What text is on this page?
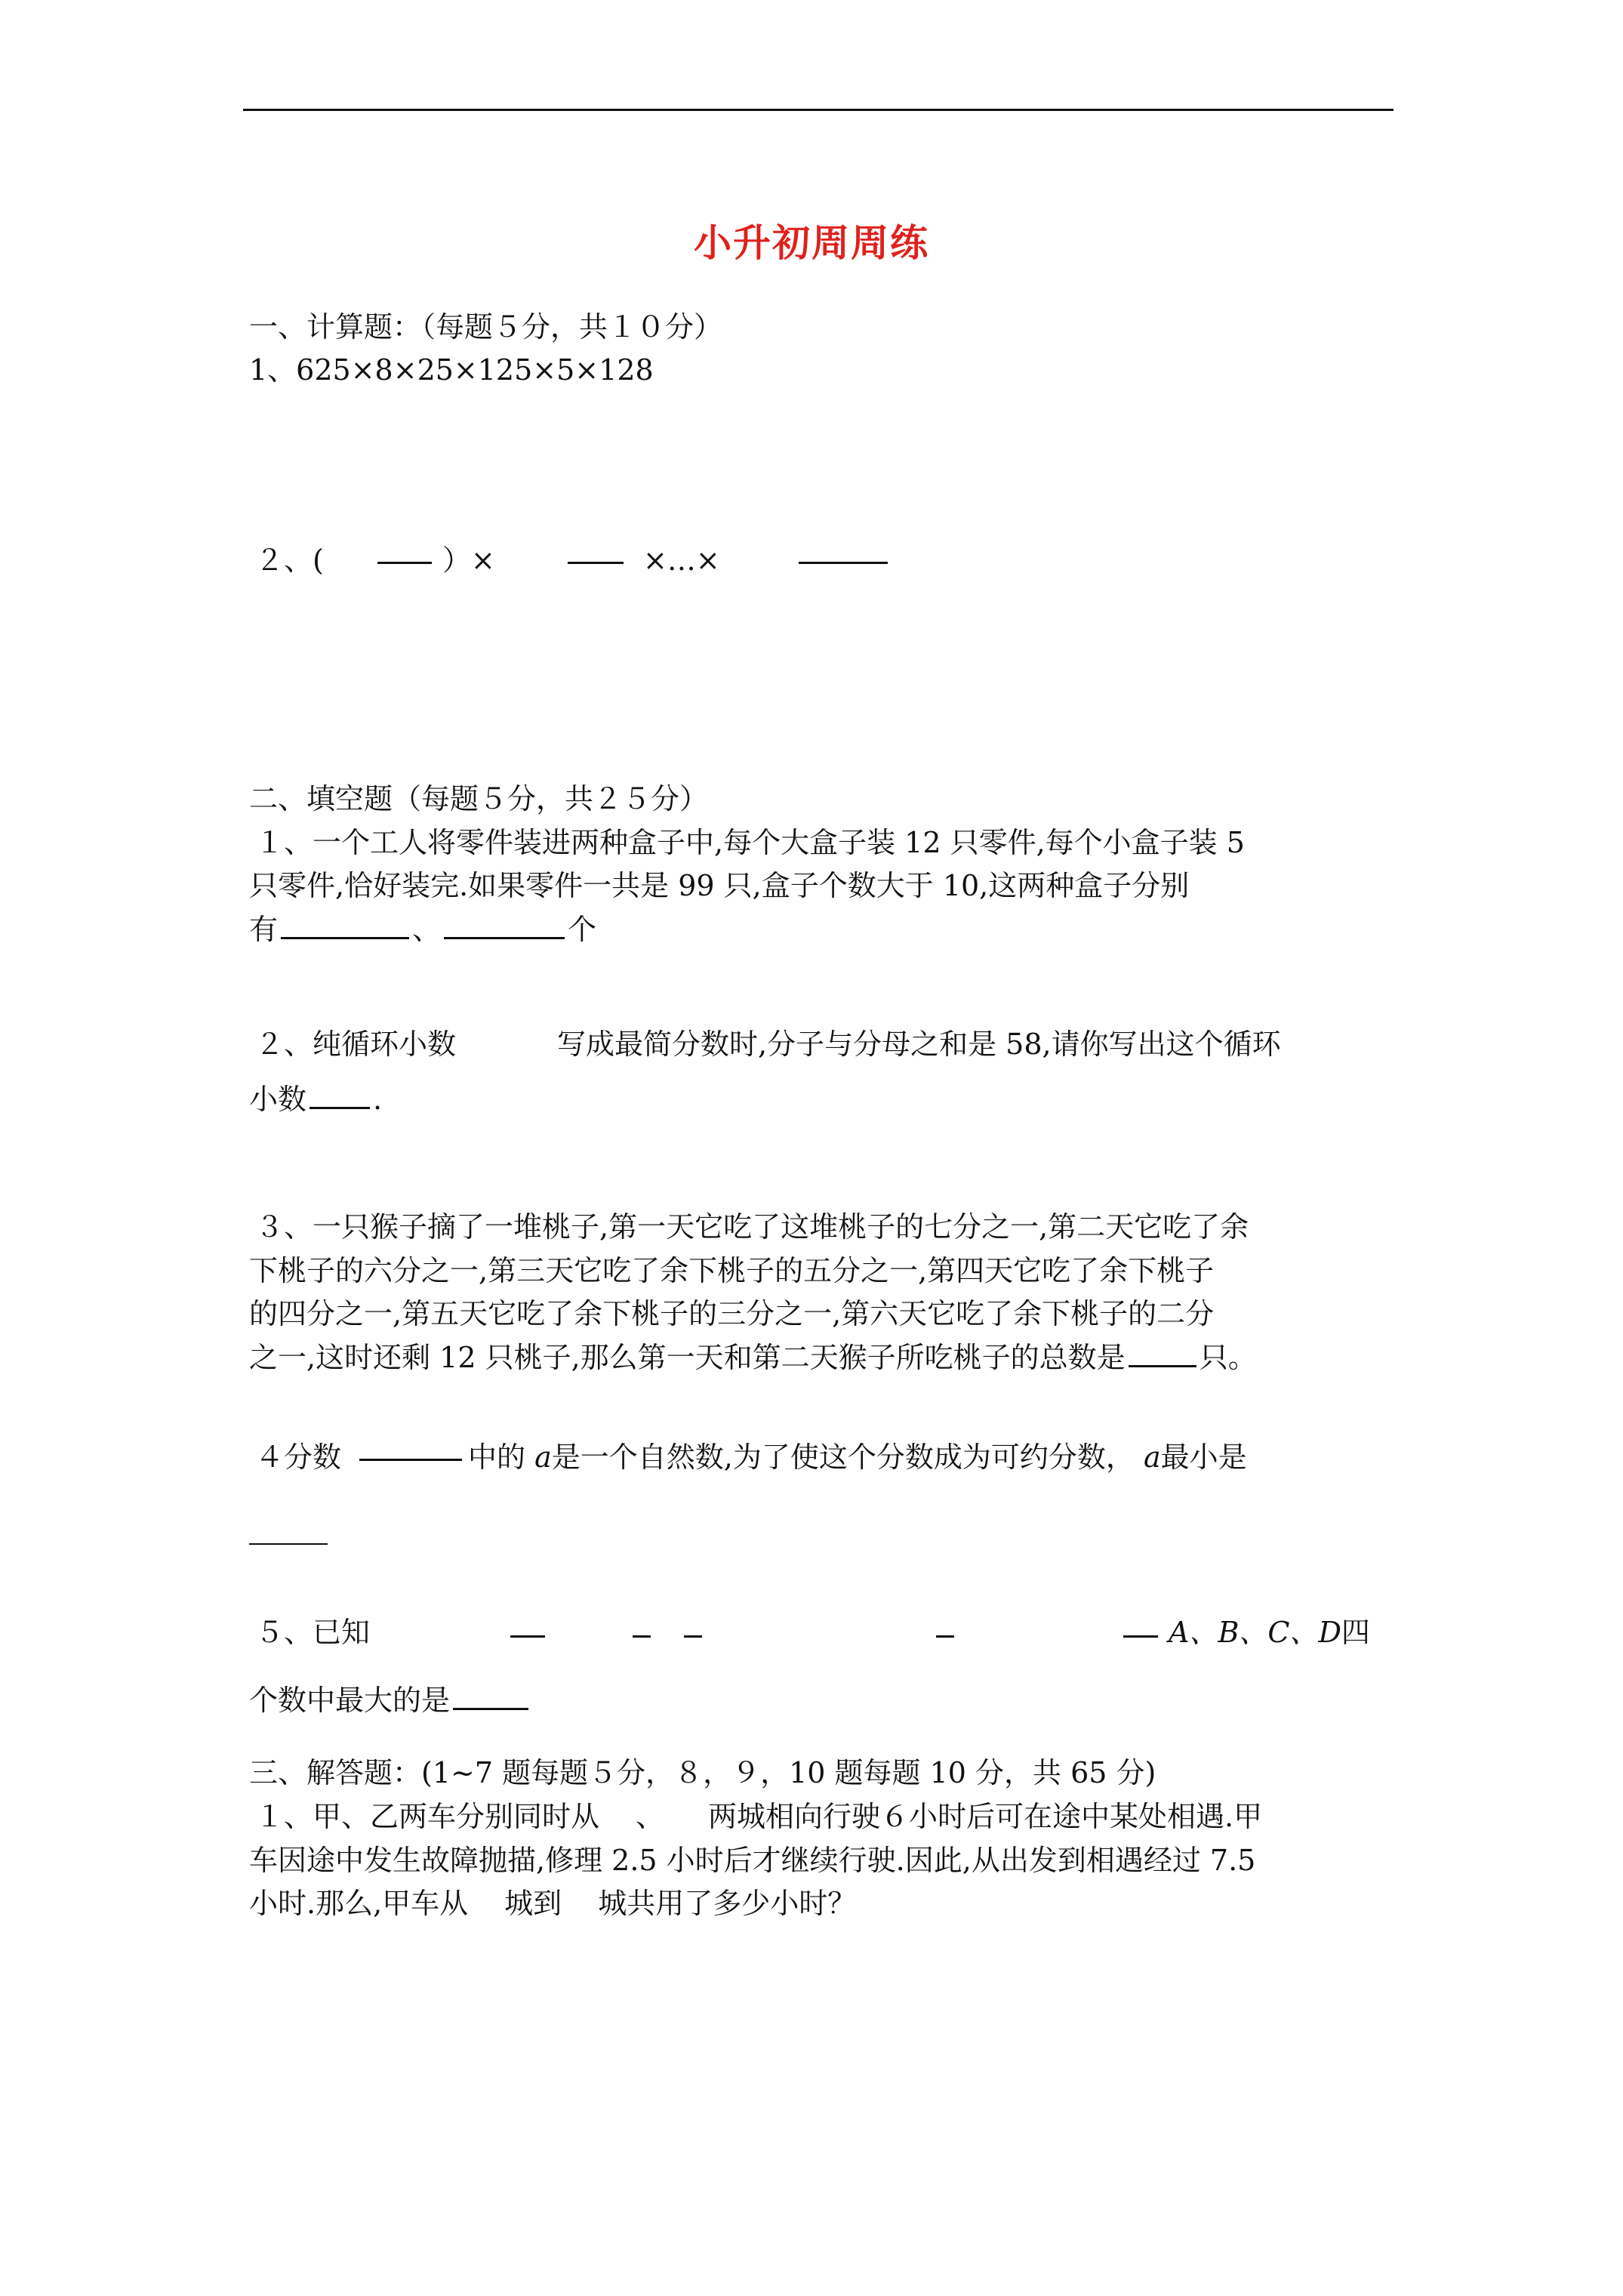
小升初周周练
一、计算题：（每题５分，共１０分）
1、625×8×25×125×5×128
２、(	）×	×…×
二、填空题（每题５分，共２５分）
１、一个工人将零件装进两种盒子中,每个大盒子装 12 只零件,每个小盒子装 5
只零件,恰好装完.如果零件一共是 99 只,盒子个数大于 10,这两种盒子分别
有	、	个
２、纯循环小数	写成最简分数时,分子与分母之和是 58,请你写出这个循环
小数 .
３、一只猴子摘了一堆桃子,第一天它吃了这堆桃子的七分之一,第二天它吃了余
下桃子的六分之一,第三天它吃了余下桃子的五分之一,第四天它吃了余下桃子
的四分之一,第五天它吃了余下桃子的三分之一,第六天它吃了余下桃子的二分
之一,这时还剩 12 只桃子,那么第一天和第二天猴子所吃桃子的总数是	只。
４分数	中的 a是一个自然数,为了使这个分数成为可约分数， a最小是
５、已知	A、B、C、D四
个数中最大的是
三、解答题：(1~7 题每题５分，８，９，10 题每题 10 分，共 65 分)
１、甲、乙两车分别同时从 、 两城相向行驶６小时后可在途中某处相遇.甲
车因途中发生故障抛描,修理 2.5 小时后才继续行驶.因此,从出发到相遇经过 7.5
小时.那么,甲车从 城到 城共用了多少小时？
